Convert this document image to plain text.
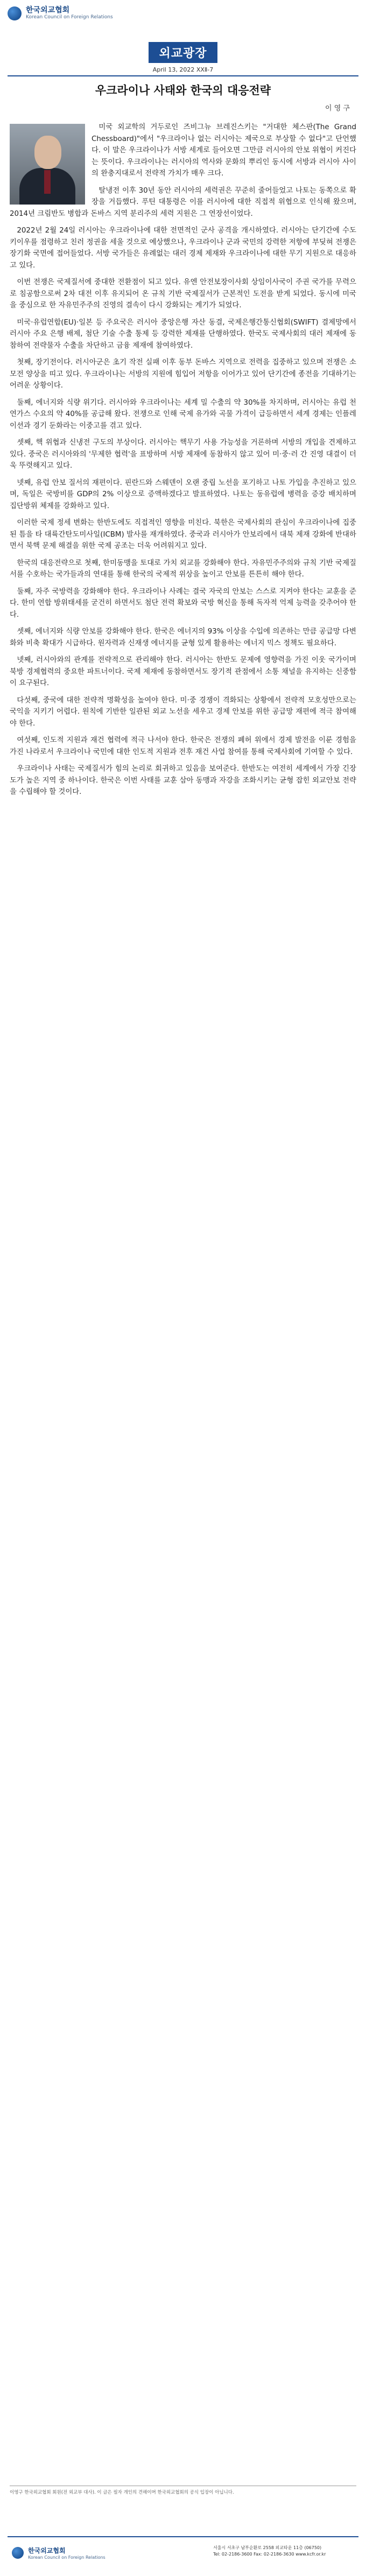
한국외교협회
Korean Council on Foreign Relations
외교광장
April 13, 2022 XXⅡ-7
우크라이나 사태와 한국의 대응전략
이 영 구

미국 외교학의 거두로인 즈비그뉴 브레진스키는 "거대한 체스판(The Grand Chessboard)"에서 "우크라이나 없는 러시아는 제국으로 부상할 수 없다"고 단언했다. 이 말은 우크라이나가 서방 세계로 들어오면 그만큼 러시아의 안보 위협이 커진다는 뜻이다. 우크라이나는 러시아의 역사와 문화의 뿌리인 동시에 서방과 러시아 사이의 완충지대로서 전략적 가치가 매우 크다.

탈냉전 이후 30년 동안 러시아의 세력권은 꾸준히 줄어들었고 나토는 동쪽으로 확장을 거듭했다. 푸틴 대통령은 이를 러시아에 대한 직접적 위협으로 인식해 왔으며, 2014년 크림반도 병합과 돈바스 지역 분리주의 세력 지원은 그 연장선이었다.

2022년 2월 24일 러시아는 우크라이나에 대한 전면적인 군사 공격을 개시하였다. 러시아는 단기간에 수도 키이우를 점령하고 친러 정권을 세울 것으로 예상했으나, 우크라이나 군과 국민의 강력한 저항에 부딪혀 전쟁은 장기화 국면에 접어들었다. 서방 국가들은 유례없는 대러 경제 제재와 우크라이나에 대한 무기 지원으로 대응하고 있다.

이번 전쟁은 국제질서에 중대한 전환점이 되고 있다. 유엔 안전보장이사회 상임이사국이 주권 국가를 무력으로 침공함으로써 2차 대전 이후 유지되어 온 규칙 기반 국제질서가 근본적인 도전을 받게 되었다. 동시에 미국을 중심으로 한 자유민주주의 진영의 결속이 다시 강화되는 계기가 되었다.

미국·유럽연합(EU)·일본 등 주요국은 러시아 중앙은행 자산 동결, 국제은행간통신협회(SWIFT) 결제망에서 러시아 주요 은행 배제, 첨단 기술 수출 통제 등 강력한 제재를 단행하였다. 한국도 국제사회의 대러 제재에 동참하여 전략물자 수출을 차단하고 금융 제재에 참여하였다.

첫째, 장기전이다. 러시아군은 초기 작전 실패 이후 동부 돈바스 지역으로 전력을 집중하고 있으며 전쟁은 소모전 양상을 띠고 있다. 우크라이나는 서방의 지원에 힘입어 저항을 이어가고 있어 단기간에 종전을 기대하기는 어려운 상황이다.

둘째, 에너지와 식량 위기다. 러시아와 우크라이나는 세계 밀 수출의 약 30%를 차지하며, 러시아는 유럽 천연가스 수요의 약 40%를 공급해 왔다. 전쟁으로 인해 국제 유가와 곡물 가격이 급등하면서 세계 경제는 인플레이션과 경기 둔화라는 이중고를 겪고 있다.

셋째, 핵 위협과 신냉전 구도의 부상이다. 러시아는 핵무기 사용 가능성을 거론하며 서방의 개입을 견제하고 있다. 중국은 러시아와의 '무제한 협력'을 표방하며 서방 제재에 동참하지 않고 있어 미·중·러 간 진영 대결이 더욱 뚜렷해지고 있다.

넷째, 유럽 안보 질서의 재편이다. 핀란드와 스웨덴이 오랜 중립 노선을 포기하고 나토 가입을 추진하고 있으며, 독일은 국방비를 GDP의 2% 이상으로 증액하겠다고 발표하였다. 나토는 동유럽에 병력을 증강 배치하며 집단방위 체제를 강화하고 있다.

이러한 국제 정세 변화는 한반도에도 직접적인 영향을 미친다. 북한은 국제사회의 관심이 우크라이나에 집중된 틈을 타 대륙간탄도미사일(ICBM) 발사를 재개하였다. 중국과 러시아가 안보리에서 대북 제재 강화에 반대하면서 북핵 문제 해결을 위한 국제 공조는 더욱 어려워지고 있다.

한국의 대응전략으로 첫째, 한미동맹을 토대로 가치 외교를 강화해야 한다. 자유민주주의와 규칙 기반 국제질서를 수호하는 국가들과의 연대를 통해 한국의 국제적 위상을 높이고 안보를 튼튼히 해야 한다.

둘째, 자주 국방력을 강화해야 한다. 우크라이나 사례는 결국 자국의 안보는 스스로 지켜야 한다는 교훈을 준다. 한미 연합 방위태세를 굳건히 하면서도 첨단 전력 확보와 국방 혁신을 통해 독자적 억제 능력을 갖추어야 한다.

셋째, 에너지와 식량 안보를 강화해야 한다. 한국은 에너지의 93% 이상을 수입에 의존하는 만큼 공급망 다변화와 비축 확대가 시급하다. 원자력과 신재생 에너지를 균형 있게 활용하는 에너지 믹스 정책도 필요하다.

넷째, 러시아와의 관계를 전략적으로 관리해야 한다. 러시아는 한반도 문제에 영향력을 가진 이웃 국가이며 북방 경제협력의 중요한 파트너이다. 국제 제재에 동참하면서도 장기적 관점에서 소통 채널을 유지하는 신중함이 요구된다.

다섯째, 중국에 대한 전략적 명확성을 높여야 한다. 미·중 경쟁이 격화되는 상황에서 전략적 모호성만으로는 국익을 지키기 어렵다. 원칙에 기반한 일관된 외교 노선을 세우고 경제 안보를 위한 공급망 재편에 적극 참여해야 한다.

여섯째, 인도적 지원과 재건 협력에 적극 나서야 한다. 한국은 전쟁의 폐허 위에서 경제 발전을 이룬 경험을 가진 나라로서 우크라이나 국민에 대한 인도적 지원과 전후 재건 사업 참여를 통해 국제사회에 기여할 수 있다.

우크라이나 사태는 국제질서가 힘의 논리로 회귀하고 있음을 보여준다. 한반도는 여전히 세계에서 가장 긴장도가 높은 지역 중 하나이다. 한국은 이번 사태를 교훈 삼아 동맹과 자강을 조화시키는 균형 잡힌 외교안보 전략을 수립해야 할 것이다.

이영구 한국외교협회 회원(전 외교부 대사). 이 글은 필자 개인의 견해이며 한국외교협회의 공식 입장이 아닙니다.
한국외교협회
Korean Council on Foreign Relations
서울시 서초구 남부순환로 2558 외교타운 11층 (06750)
Tel: 02-2186-3600 Fax: 02-2186-3630 www.kcfr.or.kr
